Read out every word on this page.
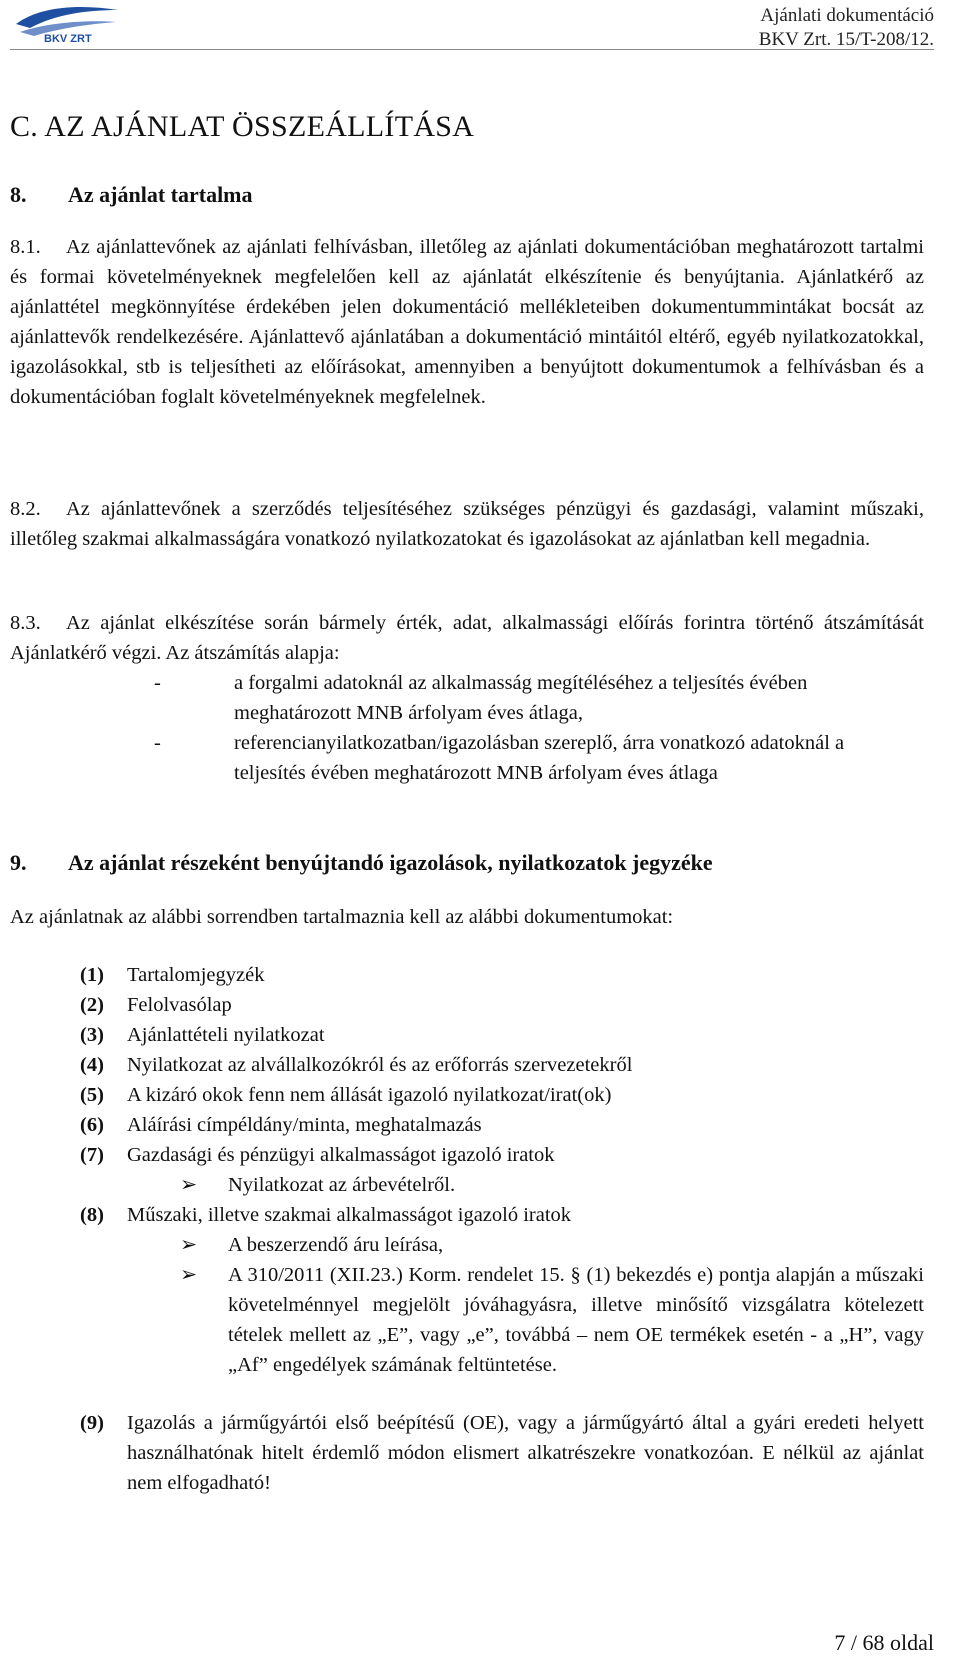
BKV ZRT
Ajánlati dokumentáció
BKV Zrt. 15/T-208/12.
C. AZ AJÁNLAT ÖSSZEÁLLÍTÁSA
8. Az ajánlat tartalma

8.1. Az ajánlattevőnek az ajánlati felhívásban, illetőleg az ajánlati dokumentációban meghatározott tartalmi és formai követelményeknek megfelelően kell az ajánlatát elkészítenie és benyújtania. Ajánlatkérő az ajánlattétel megkönnyítése érdekében jelen dokumentáció mellékleteiben dokumentummintákat bocsát az ajánlattevők rendelkezésére. Ajánlattevő ajánlatában a dokumentáció mintáitól eltérő, egyéb nyilatkozatokkal, igazolásokkal, stb is teljesítheti az előírásokat, amennyiben a benyújtott dokumentumok a felhívásban és a dokumentációban foglalt követelményeknek megfelelnek.

8.2. Az ajánlattevőnek a szerződés teljesítéséhez szükséges pénzügyi és gazdasági, valamint műszaki, illetőleg szakmai alkalmasságára vonatkozó nyilatkozatokat és igazolásokat az ajánlatban kell megadnia.

8.3. Az ajánlat elkészítése során bármely érték, adat, alkalmassági előírás forintra történő átszámítását Ajánlatkérő végzi. Az átszámítás alapja:

-	a forgalmi adatoknál az alkalmasság megítéléséhez a teljesítés évében meghatározott MNB árfolyam éves átlaga,
-	referencianyilatkozatban/igazolásban szereplő, árra vonatkozó adatoknál a teljesítés évében meghatározott MNB árfolyam éves átlaga
9. Az ajánlat részeként benyújtandó igazolások, nyilatkozatok jegyzéke

Az ajánlatnak az alábbi sorrendben tartalmaznia kell az alábbi dokumentumokat:

(1) Tartalomjegyzék
(2) Felolvasólap
(3) Ajánlattételi nyilatkozat
(4) Nyilatkozat az alvállalkozókról és az erőforrás szervezetekről
(5) A kizáró okok fenn nem állását igazoló nyilatkozat/irat(ok)
(6) Aláírási címpéldány/minta, meghatalmazás
(7) Gazdasági és pénzügyi alkalmasságot igazoló iratok
➢ Nyilatkozat az árbevételről.
(8) Műszaki, illetve szakmai alkalmasságot igazoló iratok
➢ A beszerzendő áru leírása,
➢ A 310/2011 (XII.23.) Korm. rendelet 15. § (1) bekezdés e) pontja alapján a műszaki követelménnyel megjelölt jóváhagyásra, illetve minősítő vizsgálatra kötelezett tételek mellett az „E”, vagy „e”, továbbá – nem OE termékek esetén - a „H”, vagy „Af” engedélyek számának feltüntetése.
(9) Igazolás a járműgyártói első beépítésű (OE), vagy a járműgyártó által a gyári eredeti helyett használhatónak hitelt érdemlő módon elismert alkatrészekre vonatkozóan. E nélkül az ajánlat nem elfogadható!
7 / 68 oldal
